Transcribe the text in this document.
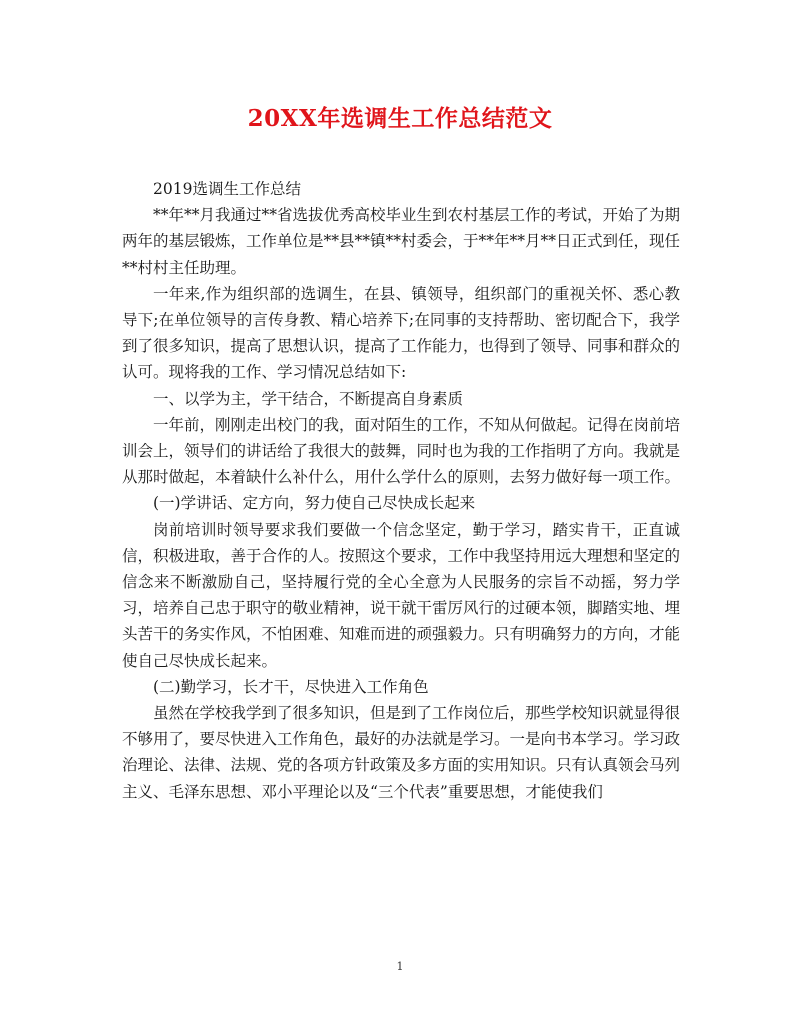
20XX年选调生工作总结范文

2019选调生工作总结

**年**月我通过**省选拔优秀高校毕业生到农村基层工作的考试，开始了为期两年的基层锻炼，工作单位是**县**镇**村委会，于**年**月**日正式到任，现任**村村主任助理。

一年来,作为组织部的选调生，在县、镇领导，组织部门的重视关怀、悉心教导下;在单位领导的言传身教、精心培养下;在同事的支持帮助、密切配合下，我学到了很多知识，提高了思想认识，提高了工作能力，也得到了领导、同事和群众的认可。现将我的工作、学习情况总结如下:

一、以学为主，学干结合，不断提高自身素质

一年前，刚刚走出校门的我，面对陌生的工作，不知从何做起。记得在岗前培训会上，领导们的讲话给了我很大的鼓舞，同时也为我的工作指明了方向。我就是从那时做起，本着缺什么补什么，用什么学什么的原则，去努力做好每一项工作。

(一)学讲话、定方向，努力使自己尽快成长起来

岗前培训时领导要求我们要做一个信念坚定，勤于学习，踏实肯干，正直诚信，积极进取，善于合作的人。按照这个要求，工作中我坚持用远大理想和坚定的信念来不断激励自己，坚持履行党的全心全意为人民服务的宗旨不动摇，努力学习，培养自己忠于职守的敬业精神，说干就干雷厉风行的过硬本领，脚踏实地、埋头苦干的务实作风，不怕困难、知难而进的顽强毅力。只有明确努力的方向，才能使自己尽快成长起来。

(二)勤学习，长才干，尽快进入工作角色

虽然在学校我学到了很多知识，但是到了工作岗位后，那些学校知识就显得很不够用了，要尽快进入工作角色，最好的办法就是学习。一是向书本学习。学习政治理论、法律、法规、党的各项方针政策及多方面的实用知识。只有认真领会马列主义、毛泽东思想、邓小平理论以及“三个代表”重要思想，才能使我们

1
